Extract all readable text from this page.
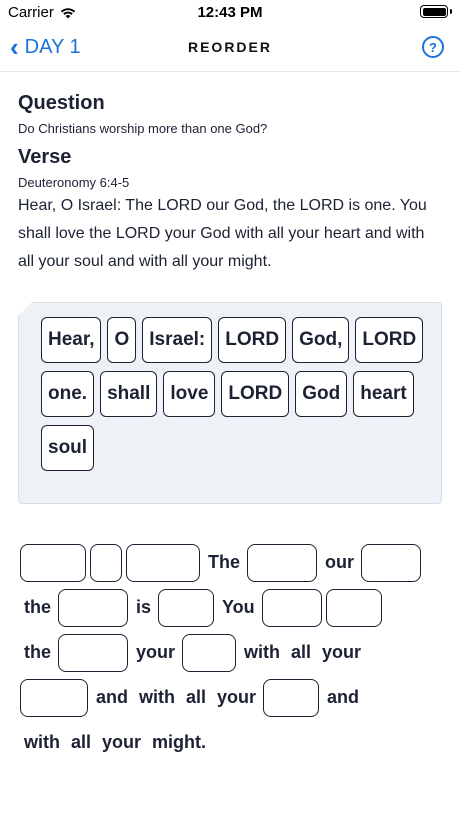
Carrier	12:43 PM
‹ DAY 1	REORDER	?
Question
Do Christians worship more than one God?
Verse
Deuteronomy 6:4-5
Hear, O Israel: The LORD our God, the LORD is one. You shall love the LORD your God with all your heart and with all your soul and with all your might.
Hear,	O	Israel:	LORD	God,	LORD
one.	shall	love	LORD	God	heart
soul
The	our
the	is	You
the	your	with all your
and with all your	and
with all your might.
